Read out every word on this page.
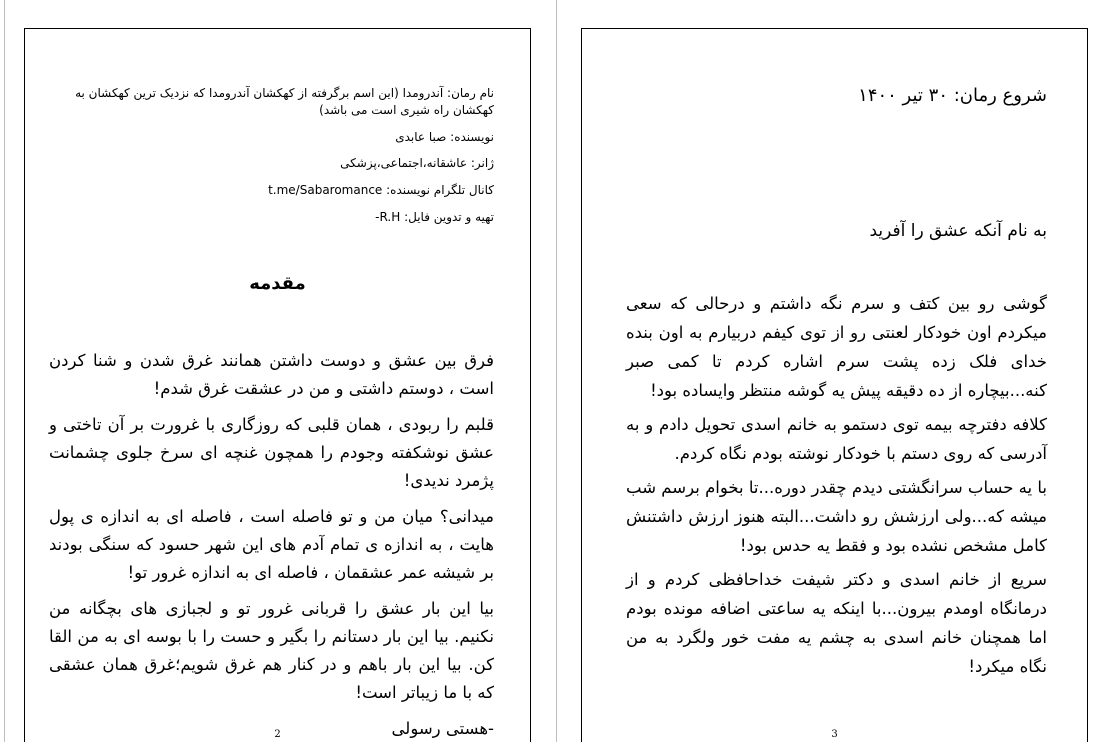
نام رمان: آندرومدا (این اسم برگرفته از کهکشان آندرومدا که نزدیک ترین کهکشان به کهکشان راه شیری است می باشد)

نویسنده: صبا عابدی

ژانر: عاشقانه،اجتماعی،پزشکی

کانال تلگرام نویسنده: t.me/Sabaromance

تهیه و تدوین فایل: R.H-

مقدمه

فرق بین عشق و دوست داشتن همانند غرق شدن و شنا کردن است ، دوستم داشتی و من در عشقت غرق شدم!

قلبم را ربودی ، همان قلبی که روزگاری با غرورت بر آن تاختی و عشق نوشکفته وجودم را همچون غنچه ای سرخ جلوی چشمانت پژمرد ندیدی!

میدانی؟ میان من و تو فاصله است ، فاصله ای به اندازه ی پول هایت ، به اندازه ی تمام آدم های این شهر حسود که سنگی بودند بر شیشه عمر عشقمان ، فاصله ای به اندازه غرور تو!

بیا این بار عشق را قربانی غرور تو و لجبازی های بچگانه من نکنیم. بیا این بار دستانم را بگیر و حست را با بوسه ای به من القا کن. بیا این بار باهم و در کنار هم غرق شویم؛غرق همان عشقی که با ما زیباتر است!

-هستی رسولی

2
شروع رمان: ۳۰ تیر ۱۴۰۰
به نام آنکه عشق را آفرید

گوشی رو بین کتف و سرم نگه داشتم و درحالی که سعی میکردم اون خودکار لعنتی رو از توی کیفم دربیارم به اون بنده خدای فلک زده پشت سرم اشاره کردم تا کمی صبر کنه...بیچاره از ده دقیقه پیش یه گوشه منتظر وایساده بود!

کلافه دفترچه بیمه توی دستمو به خانم اسدی تحویل دادم و به آدرسی که روی دستم با خودکار نوشته بودم نگاه کردم.

با یه حساب سرانگشتی دیدم چقدر دوره...تا بخوام برسم شب میشه که...ولی ارزشش رو داشت...البته هنوز ارزش داشتنش کامل مشخص نشده بود و فقط یه حدس بود!

سریع از خانم اسدی و دکتر شیفت خداحافظی کردم و از درمانگاه اومدم بیرون...با اینکه یه ساعتی اضافه مونده بودم اما همچنان خانم اسدی به چشم یه مفت خور ولگرد به من نگاه میکرد!

3
